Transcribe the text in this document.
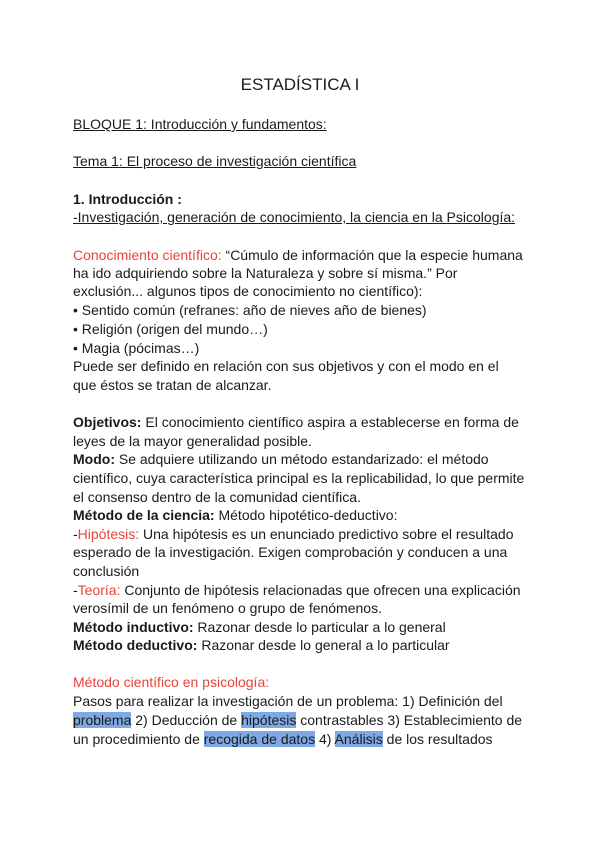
ESTADÍSTICA I
BLOQUE 1: Introducción y fundamentos:
Tema 1: El proceso de investigación científica
1. Introducción :
-Investigación, generación de conocimiento, la ciencia en la Psicología:
Conocimiento científico: “Cúmulo de información que la especie humana
ha ido adquiriendo sobre la Naturaleza y sobre sí misma.” Por
exclusión... algunos tipos de conocimiento no científico):
• Sentido común (refranes: año de nieves año de bienes)
• Religión (origen del mundo…)
• Magia (pócimas…)
Puede ser definido en relación con sus objetivos y con el modo en el
que éstos se tratan de alcanzar.
Objetivos: El conocimiento científico aspira a establecerse en forma de
leyes de la mayor generalidad posible.
Modo: Se adquiere utilizando un método estandarizado: el método
científico, cuya característica principal es la replicabilidad, lo que permite
el consenso dentro de la comunidad científica.
Método de la ciencia: Método hipotético-deductivo:
-Hipótesis: Una hipótesis es un enunciado predictivo sobre el resultado
esperado de la investigación. Exigen comprobación y conducen a una
conclusión
-Teoría: Conjunto de hipótesis relacionadas que ofrecen una explicación
verosímil de un fenómeno o grupo de fenómenos.
Método inductivo: Razonar desde lo particular a lo general
Método deductivo: Razonar desde lo general a lo particular
Método científico en psicología:
Pasos para realizar la investigación de un problema: 1) Definición del
problema 2) Deducción de hipótesis contrastables 3) Establecimiento de
un procedimiento de recogida de datos 4) Análisis de los resultados
